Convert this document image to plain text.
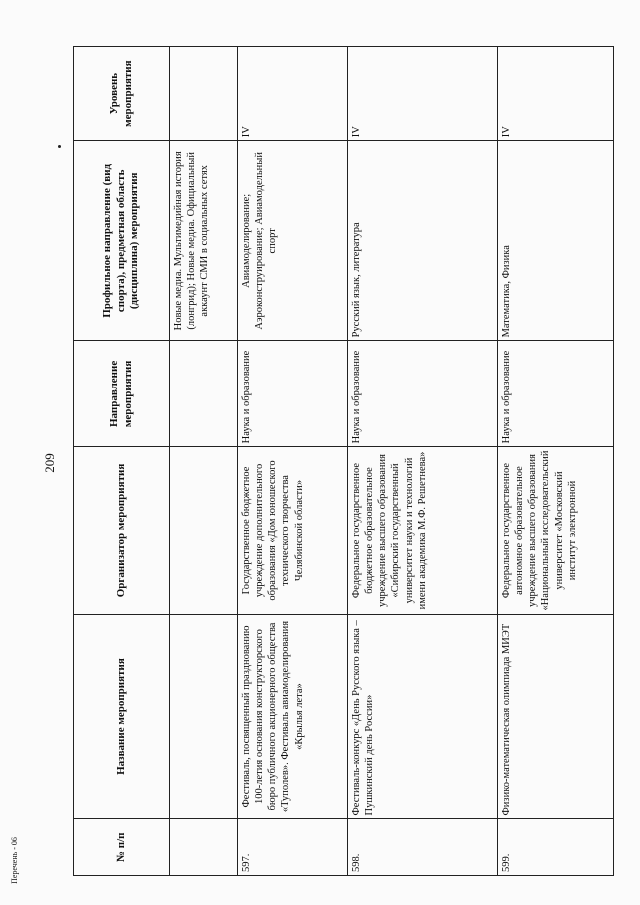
209
№ п/п	Название мероприятия	Организатор мероприятия	Направление мероприятия	Профильное направление (вид спорта), предметная область (дисциплина) мероприятия	Уровень мероприятия
				Новые медиа. Мультимедийная история (лонгрид); Новые медиа. Официальный аккаунт СМИ в социальных сетях	
597.	Фестиваль, посвященный празднованию 100-летия основания конструкторского бюро публичного акционерного общества «Туполев». Фестиваль авиамоделирования «Крылья лета»	Государственное бюджетное учреждение дополнительного образования «Дом юношеского технического творчества Челябинской области»	Наука и образование	Авиамоделирование; Аэроконструирование; Авиамодельный спорт	IV
598.	Фестиваль-конкурс «День Русского языка – Пушкинский день России»	Федеральное государственное бюджетное образовательное учреждение высшего образования «Сибирский государственный университет науки и технологий имени академика М.Ф. Решетнева»	Наука и образование	Русский язык, литература	IV
599.	Физико-математическая олимпиада МИЭТ	Федеральное государственное автономное образовательное учреждение высшего образования «Национальный исследовательский университет «Московский институт электронной	Наука и образование	Математика, Физика	IV
Перечень - 06
